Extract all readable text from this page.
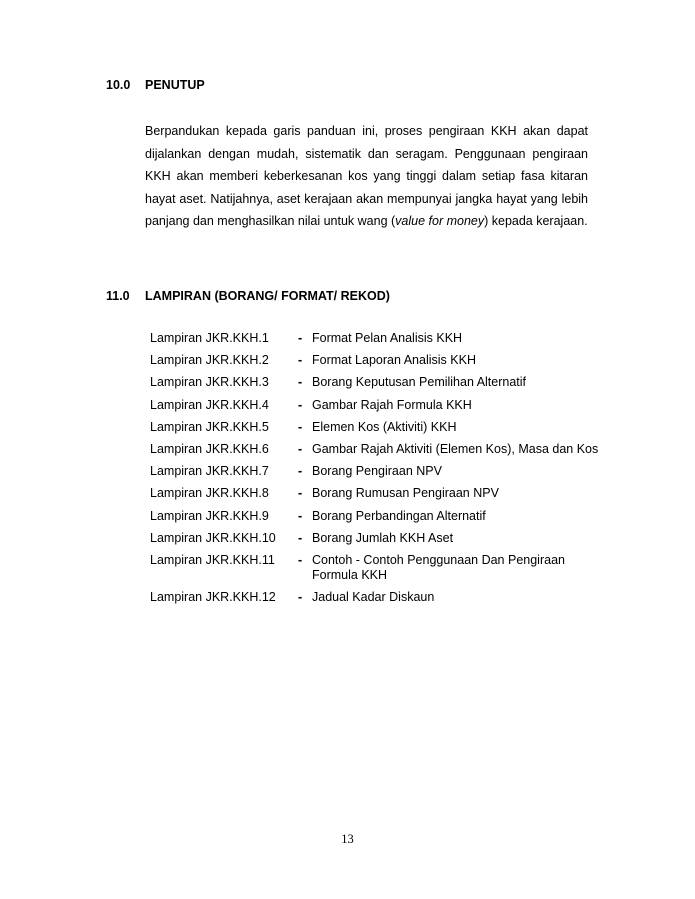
10.0 PENUTUP
Berpandukan kepada garis panduan ini, proses pengiraan KKH akan dapat dijalankan dengan mudah, sistematik dan seragam. Penggunaan pengiraan KKH akan memberi keberkesanan kos yang tinggi dalam setiap fasa kitaran hayat aset. Natijahnya, aset kerajaan akan mempunyai jangka hayat yang lebih panjang dan menghasilkan nilai untuk wang (value for money) kepada kerajaan.
11.0 LAMPIRAN (BORANG/ FORMAT/ REKOD)
Lampiran JKR.KKH.1 - Format Pelan Analisis KKH
Lampiran JKR.KKH.2 - Format Laporan Analisis KKH
Lampiran JKR.KKH.3 - Borang Keputusan Pemilihan Alternatif
Lampiran JKR.KKH.4 - Gambar Rajah Formula KKH
Lampiran JKR.KKH.5 - Elemen Kos (Aktiviti) KKH
Lampiran JKR.KKH.6 - Gambar Rajah Aktiviti (Elemen Kos), Masa dan Kos
Lampiran JKR.KKH.7 - Borang Pengiraan NPV
Lampiran JKR.KKH.8 - Borang Rumusan Pengiraan NPV
Lampiran JKR.KKH.9 - Borang Perbandingan Alternatif
Lampiran JKR.KKH.10 - Borang Jumlah KKH Aset
Lampiran JKR.KKH.11 - Contoh - Contoh Penggunaan Dan Pengiraan Formula KKH
Lampiran JKR.KKH.12 - Jadual Kadar Diskaun
13
